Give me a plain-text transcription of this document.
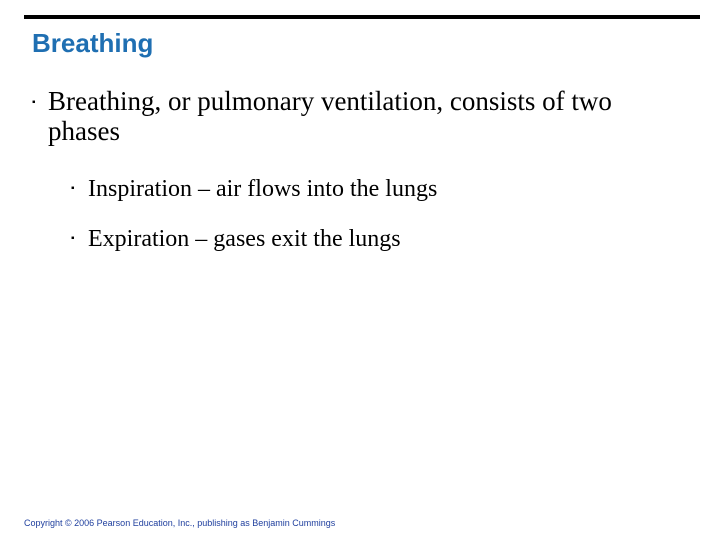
Breathing
▪ Breathing, or pulmonary ventilation, consists of two phases

▪ Inspiration – air flows into the lungs

▪ Expiration – gases exit the lungs

Copyright © 2006 Pearson Education, Inc., publishing as Benjamin Cummings
